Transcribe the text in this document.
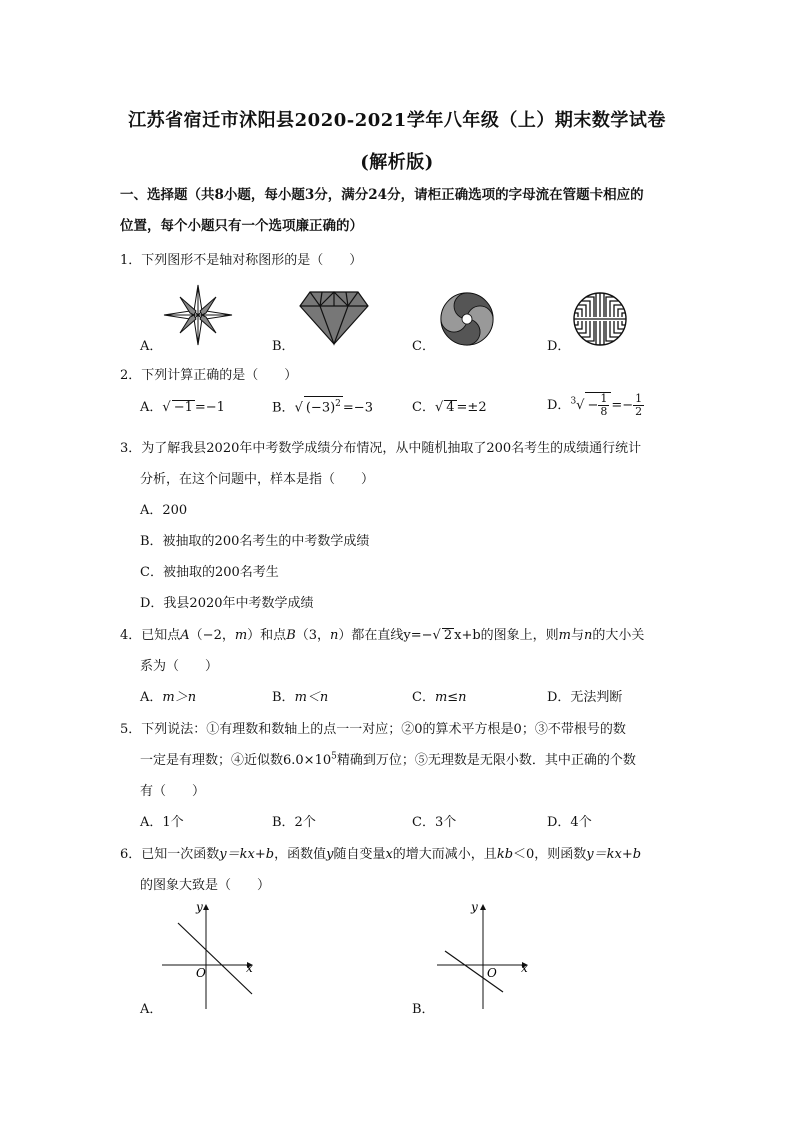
江苏省宿迁市沭阳县2020-2021学年八年级（上）期末数学试卷
(解析版)
一、选择题（共8小题，每小题3分，满分24分，请柜正确选项的字母流在管题卡相应的
位置，每个小题只有一个选项廉正确的）
1．下列图形不是轴对称图形的是（　　）
A．	B．	C．	D．
2．下列计算正确的是（　　）
A．√ −1 =−1	B．√ $(-3)^2 =-3$	C．√ 4 =±2	D．$^3√ - \frac{1}{8} =- \frac{1}{2}$
3．为了解我县2020年中考数学成绩分布情况，从中随机抽取了200名考生的成绩通行统计
分析，在这个问题中，样本是指（　　）
A．200
B．被抽取的200名考生的中考数学成绩
C．被抽取的200名考生
D．我县2020年中考数学成绩
4．已知点A（−2，m）和点B（3，n）都在直线y=−√ 2 x+b的图象上，则m与n的大小关
系为（　　）
A．m＞n	B．m＜n	C．m≤n	D．无法判断
5．下列说法：①有理数和数轴上的点一一对应；②0的算术平方根是0；③不带根号的数
一定是有理数；④近似数$6.0\times 10^5$精确到万位；⑤无理数是无限小数．其中正确的个数
有（　　）
A．1个	B．2个	C．3个	D．4个
6．已知一次函数y＝kx+b，函数值y随自变量x的增大而减小，且kb＜0，则函数y＝kx+b
的图象大致是（　　）
y
O	x
A．
y
O x
B．
